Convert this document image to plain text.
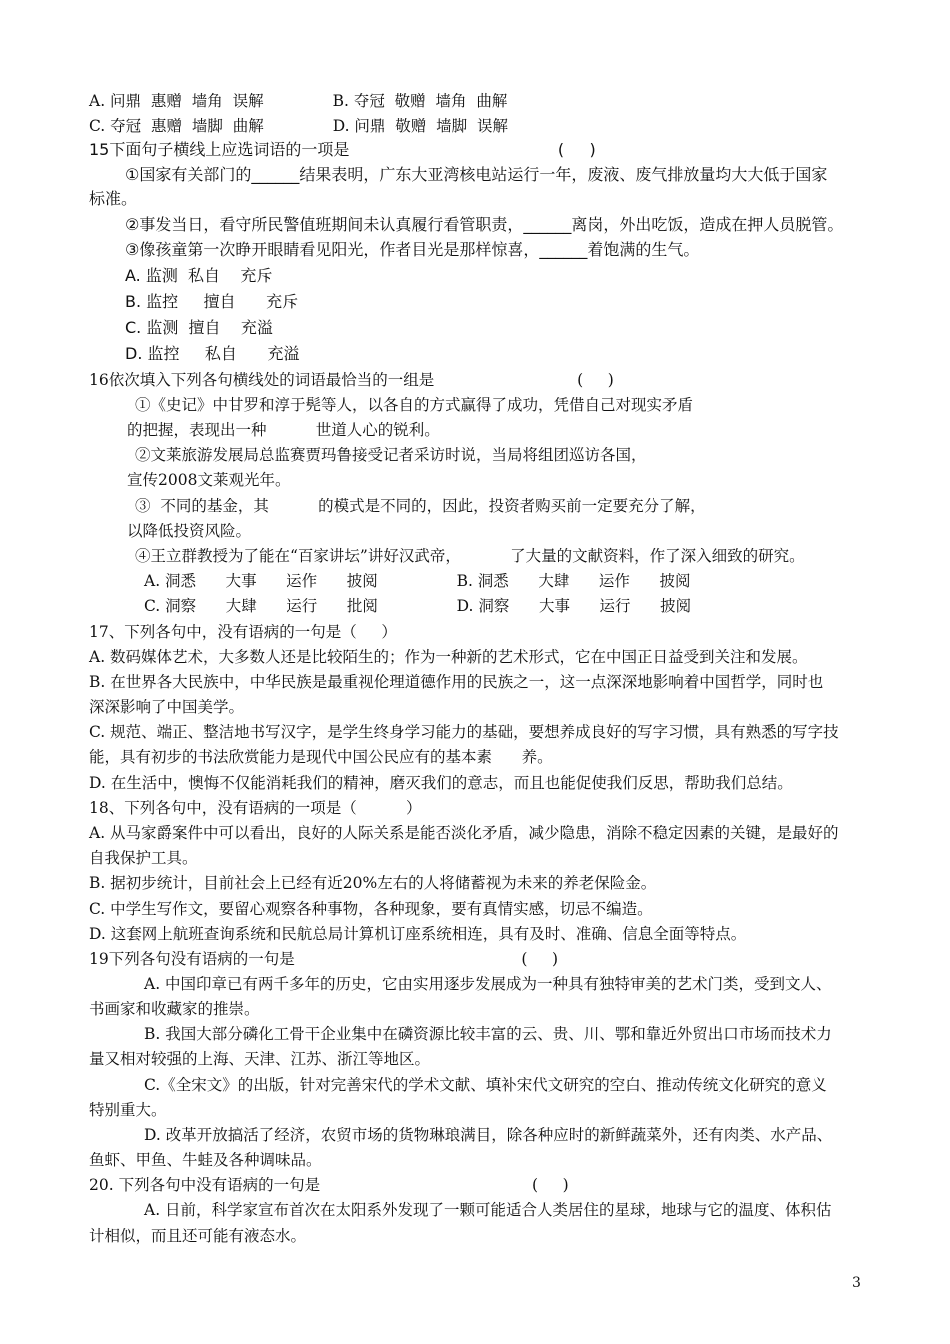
A. 问鼎  惠赠  墙角  误解              B. 夺冠  敬赠  墙角  曲解
C. 夺冠  惠赠  墙脚  曲解              D. 问鼎  敬赠  墙脚  误解
15下面句子横线上应选词语的一项是                                         (     )
①国家有关部门的______结果表明，广东大亚湾核电站运行一年，废液、废气排放量均大大低于国家
标准。
②事发当日，看守所民警值班期间未认真履行看管职责，______离岗，外出吃饭，造成在押人员脱管。
③像孩童第一次睁开眼睛看见阳光，作者目光是那样惊喜，______着饱满的生气。
A. 监测  私自    充斥
B. 监控     擅自      充斥
C. 监测  擅自    充溢
D. 监控     私自      充溢
16依次填入下列各句横线处的词语最恰当的一组是                             (     )
①《史记》中甘罗和淳于髡等人，以各自的方式赢得了成功，凭借自己对现实矛盾
的把握，表现出一种          世道人心的锐利。
②文莱旅游发展局总监赛贾玛鲁接受记者采访时说，当局将组团巡访各国，
宣传2008文莱观光年。
③  不同的基金，其          的模式是不同的，因此，投资者购买前一定要充分了解，
以降低投资风险。
④王立群教授为了能在“百家讲坛”讲好汉武帝，          了大量的文献资料，作了深入细致的研究。
A. 洞悉      大事      运作      披阅                B. 洞悉      大肆      运作      披阅
C. 洞察      大肆      运行      批阅                D. 洞察      大事      运行      披阅
17、下列各句中，没有语病的一句是（     ）
A. 数码媒体艺术，大多数人还是比较陌生的；作为一种新的艺术形式，它在中国正日益受到关注和发展。
B. 在世界各大民族中，中华民族是最重视伦理道德作用的民族之一，这一点深深地影响着中国哲学，同时也
深深影响了中国美学。
C. 规范、端正、整洁地书写汉字，是学生终身学习能力的基础，要想养成良好的写字习惯，具有熟悉的写字技
能，具有初步的书法欣赏能力是现代中国公民应有的基本素      养。
D. 在生活中，懊悔不仅能消耗我们的精神，磨灭我们的意志，而且也能促使我们反思，帮助我们总结。
18、下列各句中，没有语病的一项是（          ）
A. 从马家爵案件中可以看出，良好的人际关系是能否淡化矛盾，减少隐患，消除不稳定因素的关键，是最好的
自我保护工具。
B. 据初步统计，目前社会上已经有近20%左右的人将储蓄视为未来的养老保险金。
C. 中学生写作文，要留心观察各种事物，各种现象，要有真情实感，切忌不编造。
D. 这套网上航班查询系统和民航总局计算机订座系统相连，具有及时、准确、信息全面等特点。
19下列各句没有语病的一句是                                              (     )
A. 中国印章已有两千多年的历史，它由实用逐步发展成为一种具有独特审美的艺术门类，受到文人、
书画家和收藏家的推崇。
B. 我国大部分磷化工骨干企业集中在磷资源比较丰富的云、贵、川、鄂和靠近外贸出口市场而技术力
量又相对较强的上海、天津、江苏、浙江等地区。
C.《全宋文》的出版，针对完善宋代的学术文献、填补宋代文研究的空白、推动传统文化研究的意义
特别重大。
D. 改革开放搞活了经济，农贸市场的货物琳琅满目，除各种应时的新鲜蔬菜外，还有肉类、水产品、
鱼虾、甲鱼、牛蛙及各种调味品。
20. 下列各句中没有语病的一句是                                           (     )
A. 日前，科学家宣布首次在太阳系外发现了一颗可能适合人类居住的星球，地球与它的温度、体积估
计相似，而且还可能有液态水。
3
